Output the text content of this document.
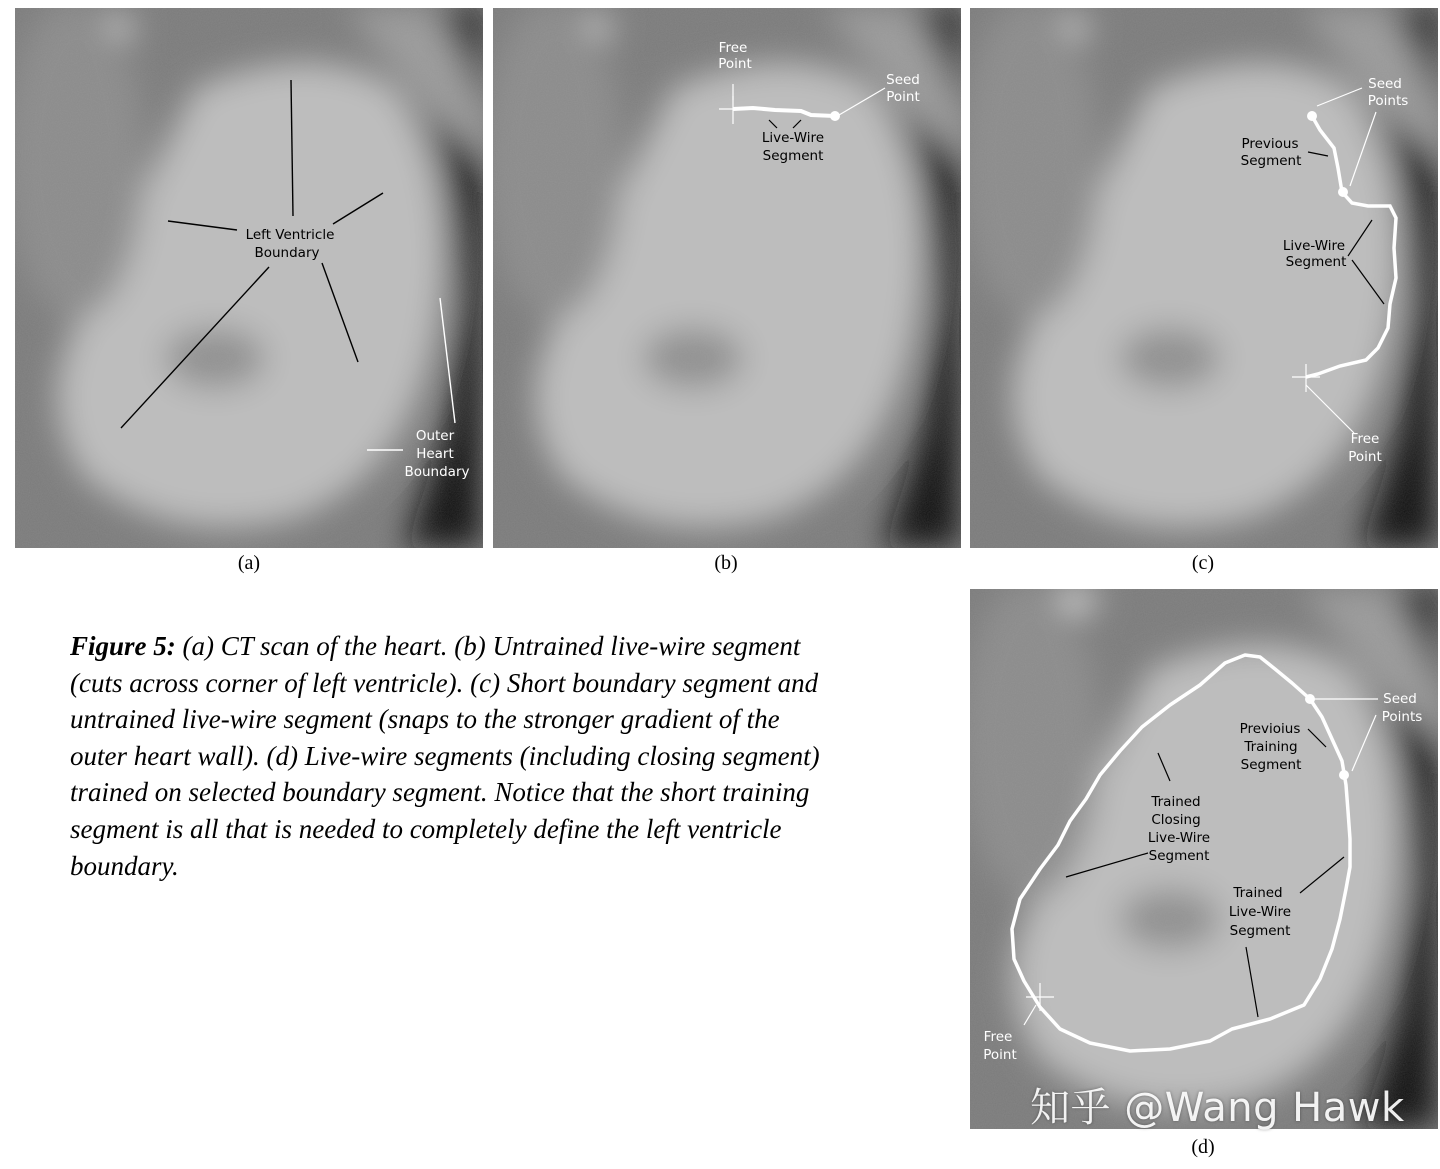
Left Ventricle
Boundary
Outer
Heart
Boundary
(a)
Free
Point
Seed
Point
Live-Wire
Segment
(b)
Seed
Points
Previous
Segment
Live-Wire
Segment
Free
Point
(c)
Figure 5: (a) CT scan of the heart. (b) Untrained live-wire segment (cuts across corner of left ventricle). (c) Short boundary segment and untrained live-wire segment (snaps to the stronger gradient of the outer heart wall). (d) Live-wire segments (including closing segment) trained on selected boundary segment. Notice that the short training segment is all that is needed to completely define the left ventricle boundary.
Seed
Points
Previoius
Training
Segment
Trained
Closing
Live-Wire
Segment
Trained
Live-Wire
Segment
Free
Point
知乎 @Wang Hawk
(d)
